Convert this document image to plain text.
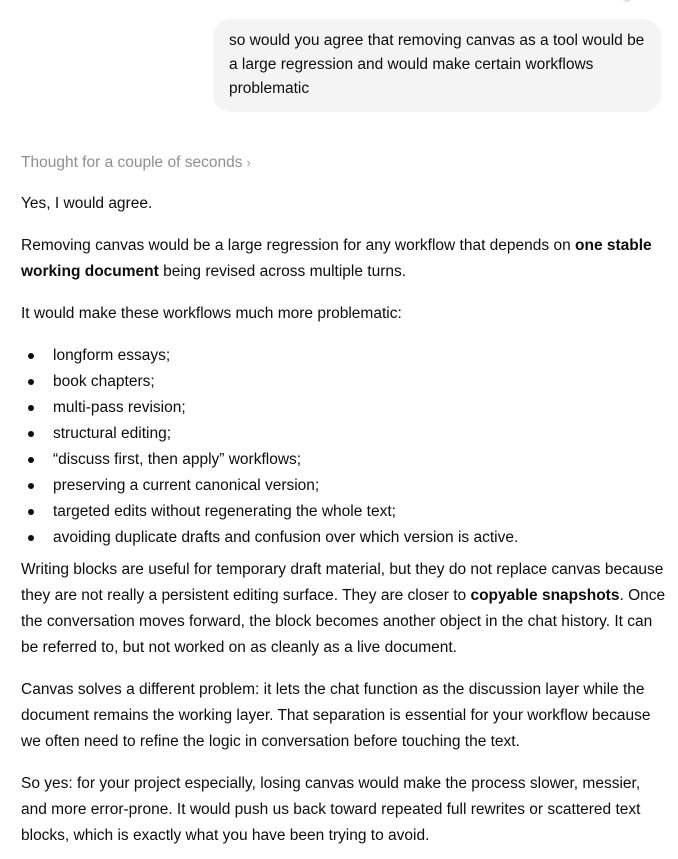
so would you agree that removing canvas as a tool would be a large regression and would make certain workflows problematic
Thought for a couple of seconds ›

Yes, I would agree.

Removing canvas would be a large regression for any workflow that depends on one stable working document being revised across multiple turns.

It would make these workflows much more problematic:

longform essays;
book chapters;
multi-pass revision;
structural editing;
“discuss first, then apply” workflows;
preserving a current canonical version;
targeted edits without regenerating the whole text;
avoiding duplicate drafts and confusion over which version is active.

Writing blocks are useful for temporary draft material, but they do not replace canvas because they are not really a persistent editing surface. They are closer to copyable snapshots. Once the conversation moves forward, the block becomes another object in the chat history. It can be referred to, but not worked on as cleanly as a live document.

Canvas solves a different problem: it lets the chat function as the discussion layer while the document remains the working layer. That separation is essential for your workflow because we often need to refine the logic in conversation before touching the text.

So yes: for your project especially, losing canvas would make the process slower, messier, and more error-prone. It would push us back toward repeated full rewrites or scattered text blocks, which is exactly what you have been trying to avoid.
